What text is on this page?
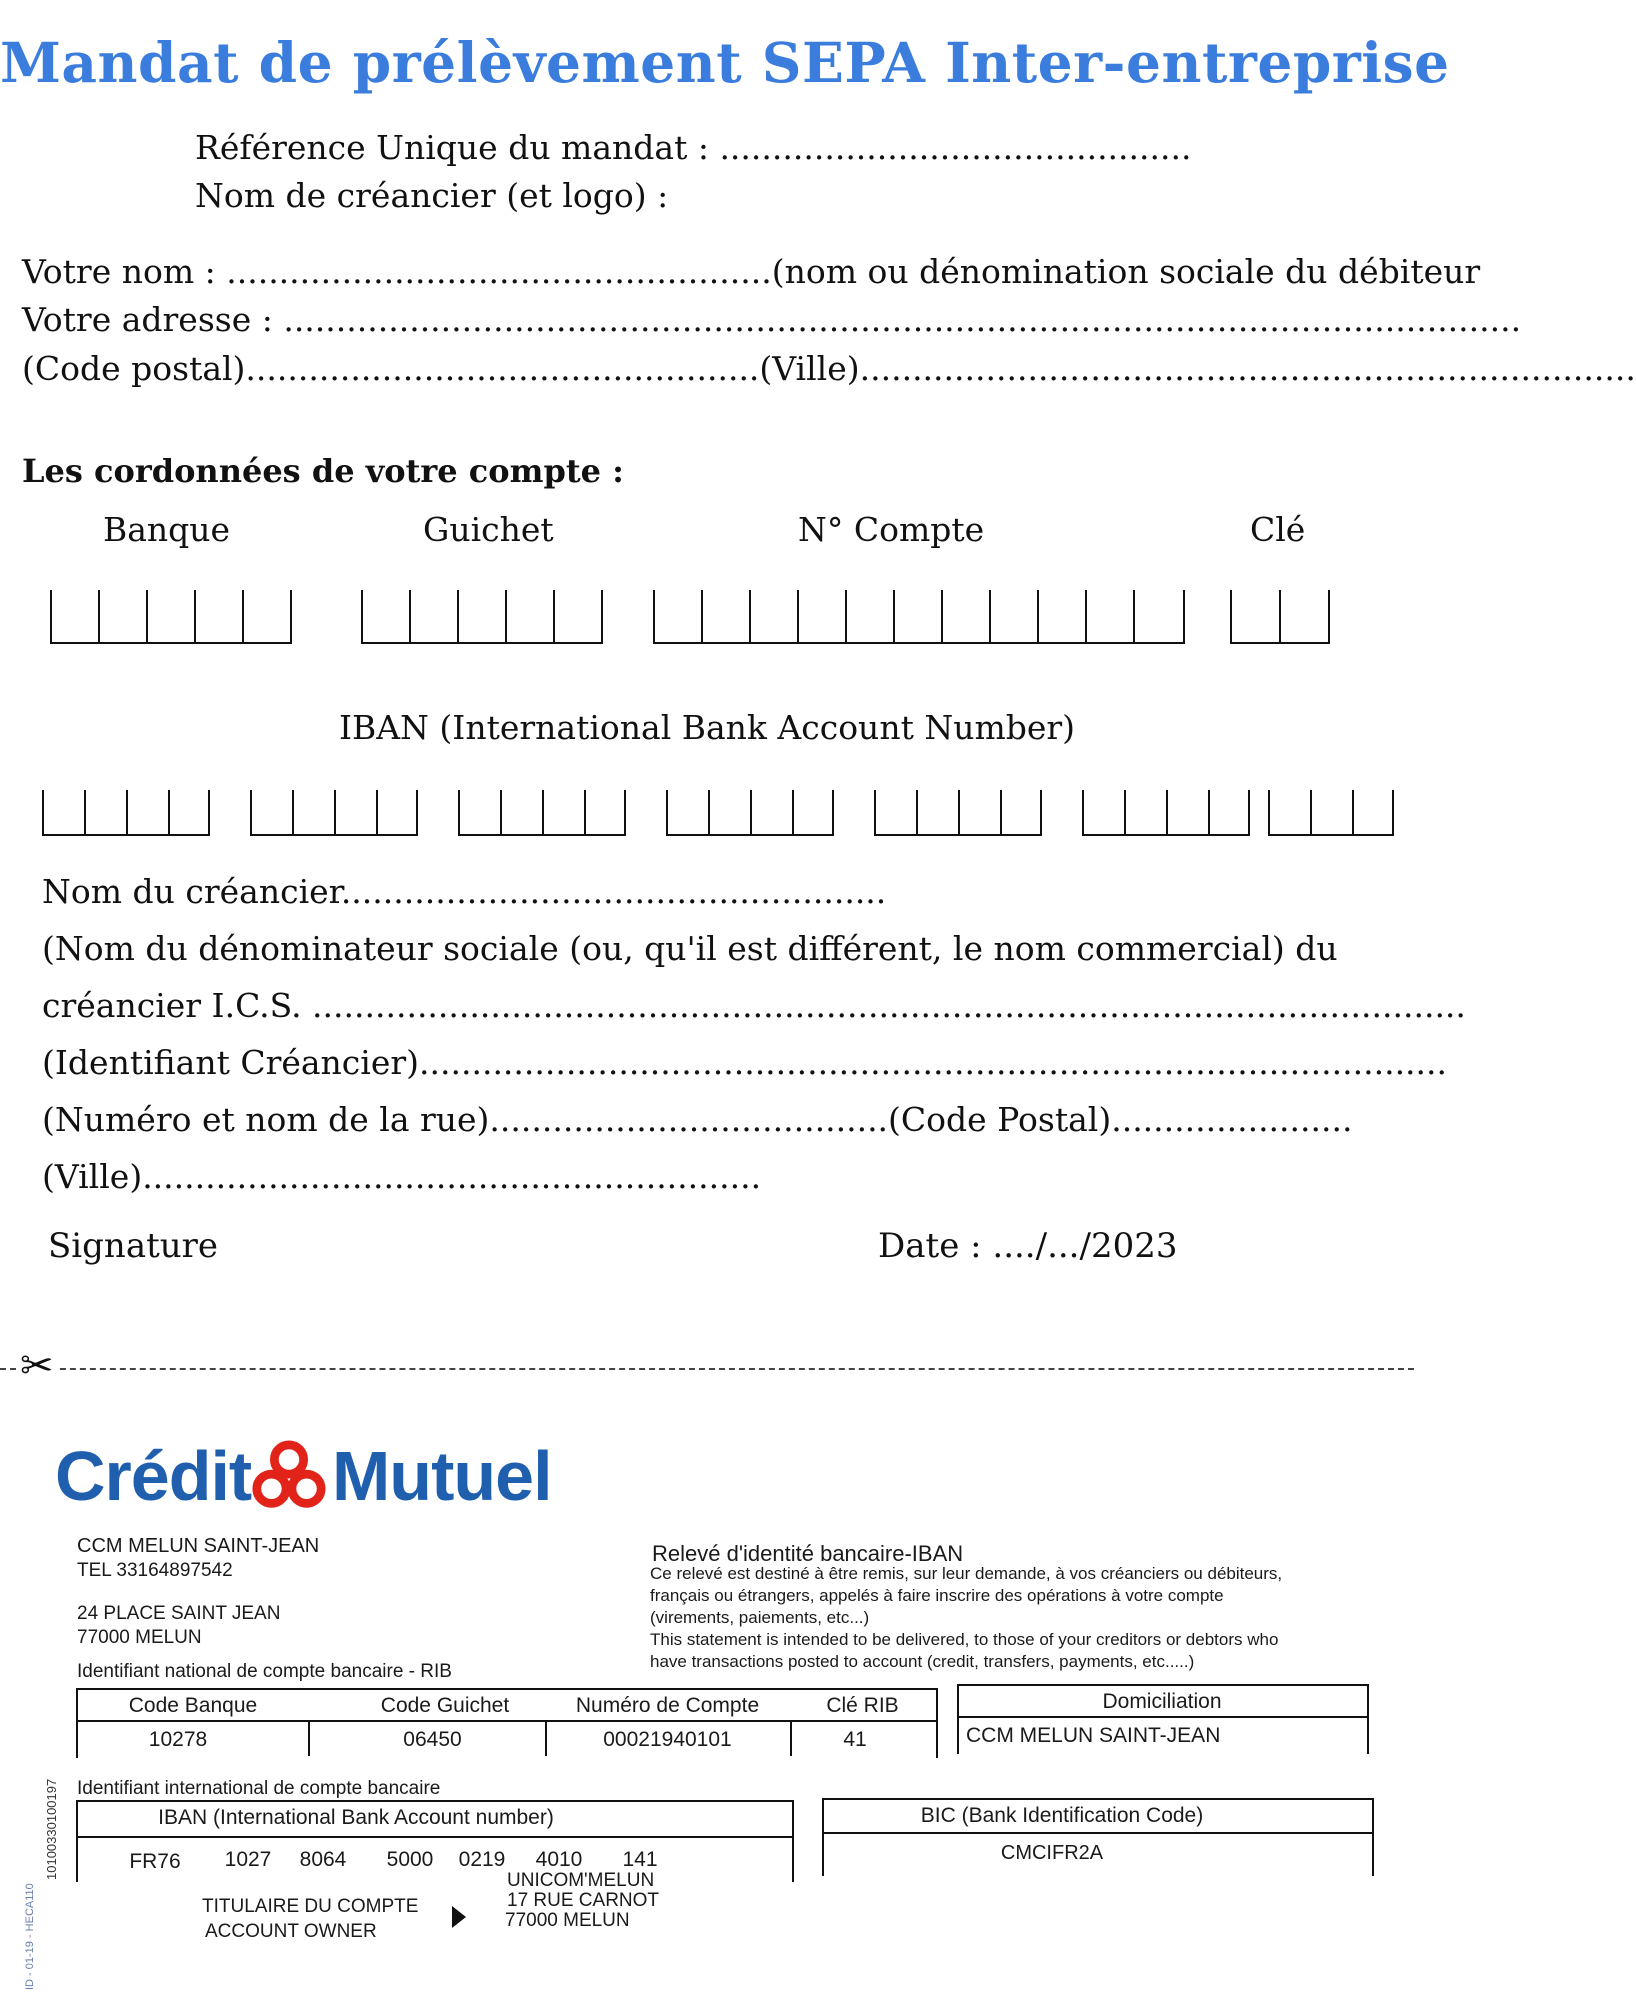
Mandat de prélèvement SEPA Inter-entreprise
Référence Unique du mandat : .............................................
Nom de créancier (et logo) :
Votre nom : ....................................................(nom ou dénomination sociale du débiteur
Votre adresse : ......................................................................................................................
(Code postal).................................................(Ville)..........................................................................
Les cordonnées de votre compte :
Banque	Guichet	N° Compte	Clé
IBAN (International Bank Account Number)
Nom du créancier....................................................
(Nom du dénominateur sociale (ou, qu'il est différent, le nom commercial) du
créancier I.C.S. ..............................................................................................................
(Identifiant Créancier)..................................................................................................
(Numéro et nom de la rue)......................................(Code Postal).......................
(Ville)...........................................................
Signature	Date : ..../.../2023
✂
Crédit Mutuel
CCM MELUN SAINT-JEAN
TEL 33164897542
24 PLACE SAINT JEAN
77000 MELUN
Relevé d'identité bancaire-IBAN
Ce relevé est destiné à être remis, sur leur demande, à vos créanciers ou débiteurs,
français ou étrangers, appelés à faire inscrire des opérations à votre compte
(virements, paiements, etc...)
This statement is intended to be delivered, to those of your creditors or debtors who
have transactions posted to account (credit, transfers, payments, etc.....)
Identifiant national de compte bancaire - RIB
Code Banque	Code Guichet	Numéro de Compte	Clé RIB
10278	06450	00021940101	41
Domiciliation
CCM MELUN SAINT-JEAN
Identifiant international de compte bancaire
IBAN (International Bank Account number)
FR76	1027	8064	5000	0219	4010	141
BIC (Bank Identification Code)
CMCIFR2A
TITULAIRE DU COMPTE
ACCOUNT OWNER
UNICOM'MELUN
17 RUE CARNOT
77000 MELUN
10100330100197
ID - 01-19 - HECA110
